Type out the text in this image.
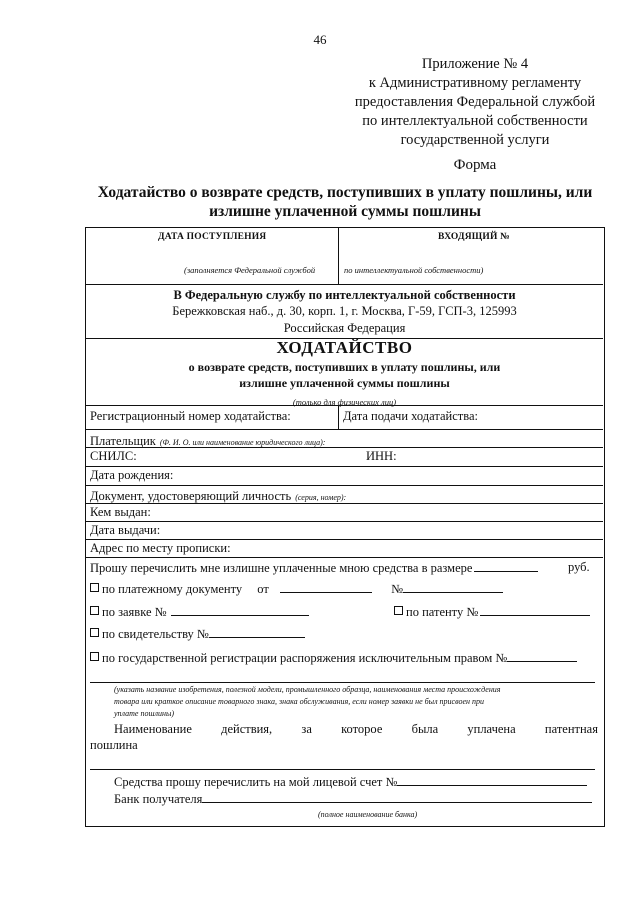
46
Приложение № 4
к Административному регламенту
предоставления Федеральной службой
по интеллектуальной собственности
государственной услуги
Форма
Ходатайство о возврате средств, поступивших в уплату пошлины, или
излишне уплаченной суммы пошлины
ДАТА ПОСТУПЛЕНИЯ	ВХОДЯЩИЙ №
(заполняется Федеральной службой	по интеллектуальной собственности)
В Федеральную службу по интеллектуальной собственности
Бережковская наб., д. 30, корп. 1, г. Москва, Г-59, ГСП-3, 125993
Российская Федерация
ХОДАТАЙСТВО
о возврате средств, поступивших в уплату пошлины, или
излишне уплаченной суммы пошлины
(только для физических лиц)
Регистрационный номер ходатайства:	Дата подачи ходатайства:
Плательщик (Ф. И. О. или наименование юридического лица):
СНИЛС:	ИНН:
Дата рождения:
Документ, удостоверяющий личность (серия, номер):
Кем выдан:
Дата выдачи:
Адрес по месту прописки:
Прошу перечислить мне излишне уплаченные мною средства в размере	руб.
по платежному документу от	№
по заявке №	по патенту №
по свидетельству №
по государственной регистрации распоряжения исключительным правом №
(указать название изобретения, полезной модели, промышленного образца, наименования места происхождения
товара или краткое описание товарного знака, знака обслуживания, если номер заявки не был присвоен при
уплате пошлины)
Наименование действия, за которое была уплачена патентная
пошлина
Средства прошу перечислить на мой лицевой счет №
Банк получателя
(полное наименование банка)
